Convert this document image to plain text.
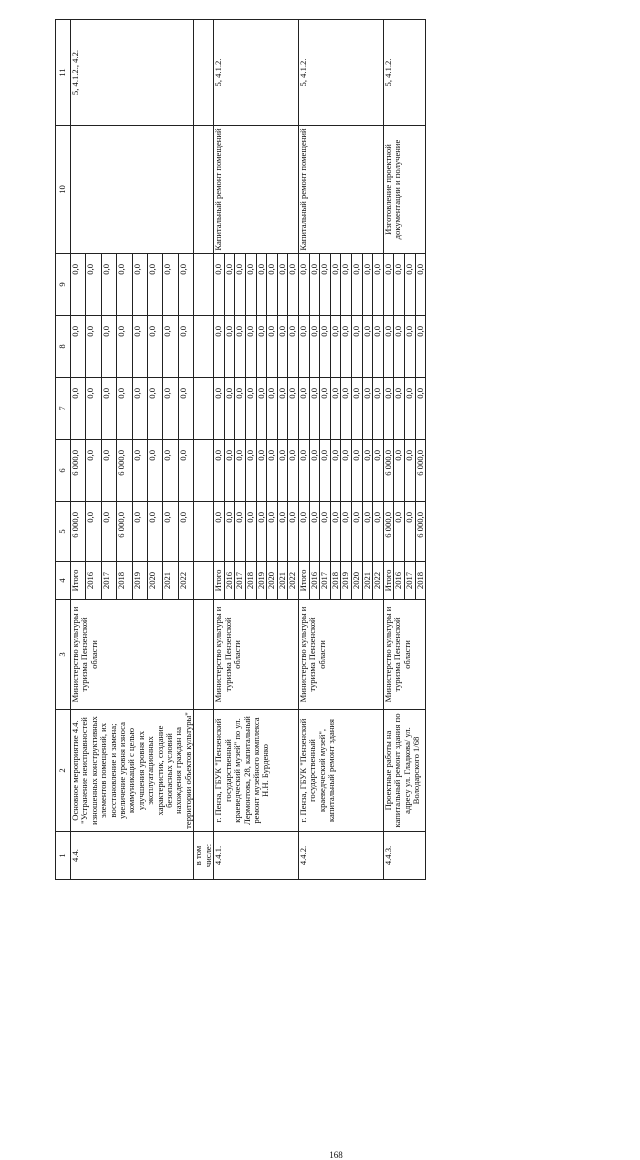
168
1	2	3	4	5	6	7	8	9	10	11
4.4.	Основное мероприятие 4.4. "Устранение неисправностей изношенных конструктивных элементов помещений, их восстановление и замена; увеличение уровня износа коммуникаций с целью улучшения уровня их эксплуатационных характеристик, создание безопасных условий нахождения граждан на территории объектов культуры"	Министерство культуры и туризма Пензенской области	Итого	6 000,0	6 000,0	0,0	0,0	0,0		5, 4.1.2., 4.2.
			2016	0,0	0,0	0,0	0,0	0,0		
			2017	0,0	0,0	0,0	0,0	0,0		
			2018	6 000,0	6 000,0	0,0	0,0	0,0		
			2019	0,0	0,0	0,0	0,0	0,0		
			2020	0,0	0,0	0,0	0,0	0,0		
			2021	0,0	0,0	0,0	0,0	0,0		
			2022	0,0	0,0	0,0	0,0	0,0		
в том числе:										
4.4.1.	г. Пенза, ГБУК "Пензенский государственный краеведческий музей" по ул. Лермонтова, 28, капитальный ремонт музейного комплекса Н.Н. Бурденко	Министерство культуры и туризма Пензенской области	Итого	0,0	0,0	0,0	0,0	0,0	Капитальный ремонт помещений	5, 4.1.2.
			2016	0,0	0,0	0,0	0,0	0,0		
			2017	0,0	0,0	0,0	0,0	0,0		
			2018	0,0	0,0	0,0	0,0	0,0		
			2019	0,0	0,0	0,0	0,0	0,0		
			2020	0,0	0,0	0,0	0,0	0,0		
			2021	0,0	0,0	0,0	0,0	0,0		
			2022	0,0	0,0	0,0	0,0	0,0		
4.4.2.	г. Пенза, ГБУК "Пензенский государственный краеведческий музей", капитальный ремонт здания	Министерство культуры и туризма Пензенской области	Итого	0,0	0,0	0,0	0,0	0,0	Капитальный ремонт помещений	5, 4.1.2.
			2016	0,0	0,0	0,0	0,0	0,0		
			2017	0,0	0,0	0,0	0,0	0,0		
			2018	0,0	0,0	0,0	0,0	0,0		
			2019	0,0	0,0	0,0	0,0	0,0		
			2020	0,0	0,0	0,0	0,0	0,0		
			2021	0,0	0,0	0,0	0,0	0,0		
			2022	0,0	0,0	0,0	0,0	0,0		
4.4.3.	Проектные работы на капитальный ремонт здания по адресу ул. Гладкова/ ул. Володарского 1/68	Министерство культуры и туризма Пензенской области	Итого	6 000,0	6 000,0	0,0	0,0	0,0	Изготовление проектной документации и получение	5, 4.1.2.
			2016	0,0	0,0	0,0	0,0	0,0		
			2017	0,0	0,0	0,0	0,0	0,0		
			2018	6 000,0	6 000,0	0,0	0,0	0,0		
